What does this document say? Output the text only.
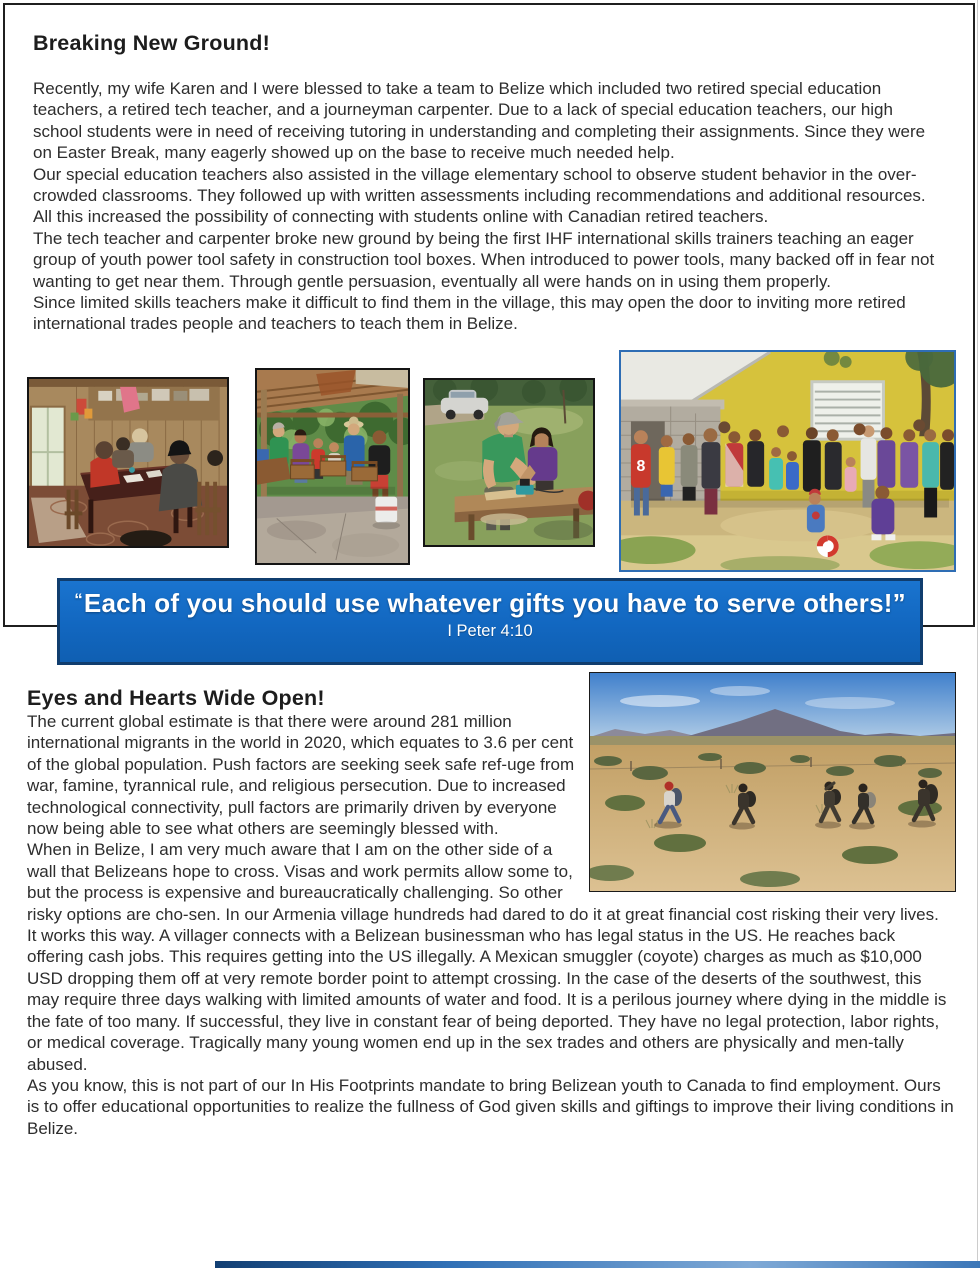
Breaking New Ground!

Recently, my wife Karen and I were blessed to take a team to Belize which included two retired special education teachers, a retired tech teacher, and a journeyman carpenter. Due to a lack of special education teachers, our high school students were in need of receiving tutoring in understanding and completing their assignments. Since they were on Easter Break, many eagerly showed up on the base to receive much needed help.

Our special education teachers also assisted in the village elementary school to observe student behavior in the over-crowded classrooms. They followed up with written assessments including recommendations and additional resources. All this increased the possibility of connecting with students online with Canadian retired teachers.

The tech teacher and carpenter broke new ground by being the first IHF international skills trainers teaching an eager group of youth power tool safety in construction tool boxes. When introduced to power tools, many backed off in fear not wanting to get near them. Through gentle persuasion, eventually all were hands on in using them properly.

Since limited skills teachers make it difficult to find them in the village, this may open the door to inviting more retired international trades people and teachers to teach them in Belize.

8
“Each of you should use whatever gifts you have to serve others!”
I Peter 4:10
Eyes and Hearts Wide Open!

The current global estimate is that there were around 281 million international migrants in the world in 2020, which equates to 3.6 per cent of the global population. Push factors are seeking seek safe ref-uge from war, famine, tyrannical rule, and religious persecution. Due to increased technological connectivity, pull factors are primarily driven by everyone now being able to see what others are seemingly blessed with.

When in Belize, I am very much aware that I am on the other side of a wall that Belizeans hope to cross. Visas and work permits allow some to, but the process is expensive and bureaucratically challenging. So other risky options are cho-sen. In our Armenia village hundreds had dared to do it at great financial cost risking their very lives.

It works this way. A villager connects with a Belizean businessman who has legal status in the US. He reaches back offering cash jobs. This requires getting into the US illegally. A Mexican smuggler (coyote) charges as much as $10,000 USD dropping them off at very remote border point to attempt crossing. In the case of the deserts of the southwest, this may require three days walking with limited amounts of water and food. It is a perilous journey where dying in the middle is the fate of too many. If successful, they live in constant fear of being deported. They have no legal protection, labor rights, or medical coverage. Tragically many young women end up in the sex trades and others are physically and men-tally abused.

As you know, this is not part of our In His Footprints mandate to bring Belizean youth to Canada to find employment. Ours is to offer educational opportunities to realize the fullness of God given skills and giftings to improve their living conditions in Belize.
